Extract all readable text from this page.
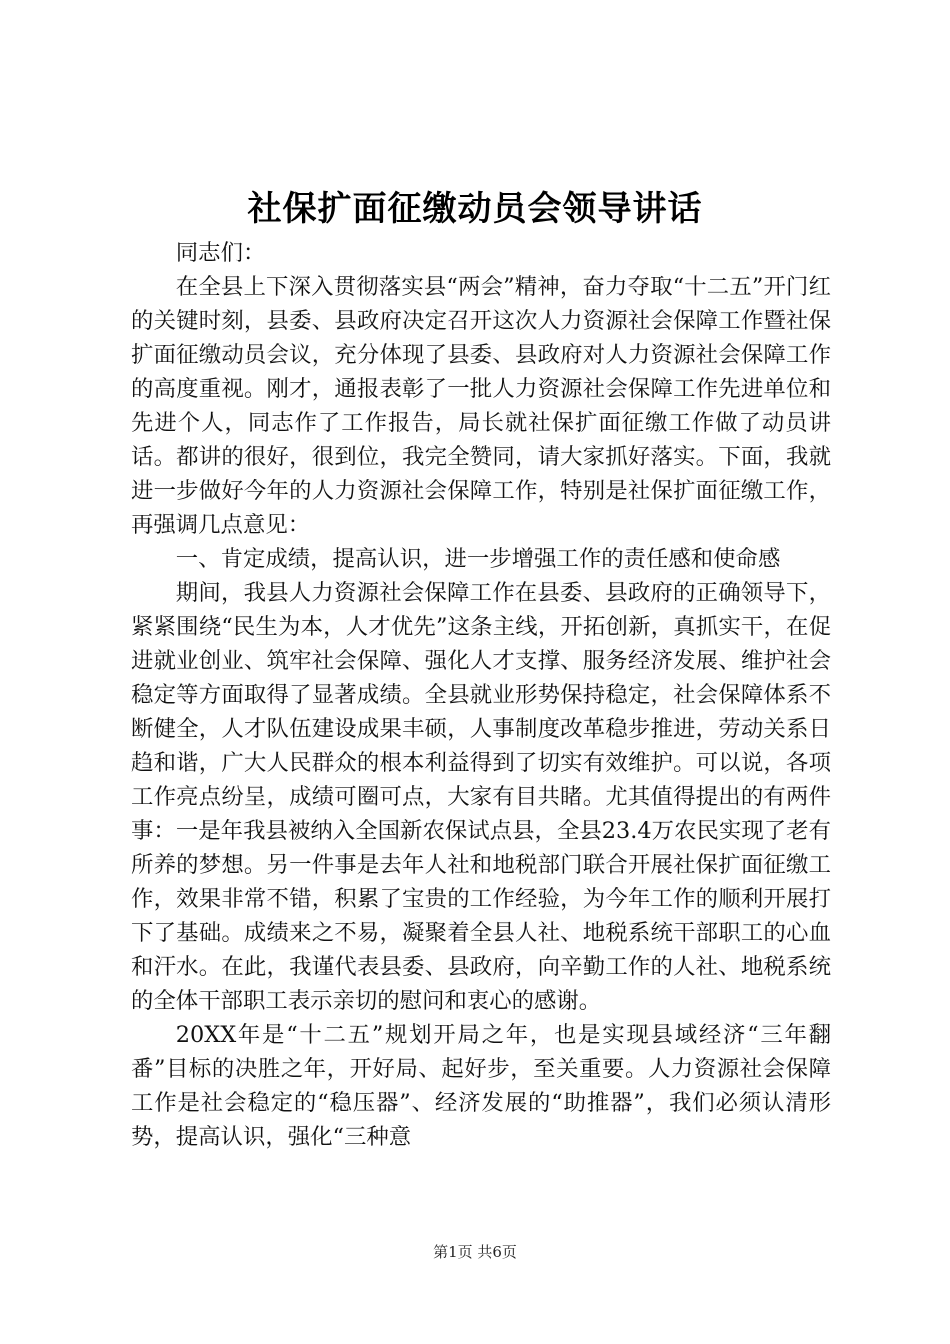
社保扩面征缴动员会领导讲话

同志们：

在全县上下深入贯彻落实县“两会”精神，奋力夺取“十二五”开门红的关键时刻，县委、县政府决定召开这次人力资源社会保障工作暨社保扩面征缴动员会议，充分体现了县委、县政府对人力资源社会保障工作的高度重视。刚才，通报表彰了一批人力资源社会保障工作先进单位和先进个人，同志作了工作报告，局长就社保扩面征缴工作做了动员讲话。都讲的很好，很到位，我完全赞同，请大家抓好落实。下面，我就进一步做好今年的人力资源社会保障工作，特别是社保扩面征缴工作，再强调几点意见：

一、肯定成绩，提高认识，进一步增强工作的责任感和使命感

期间，我县人力资源社会保障工作在县委、县政府的正确领导下，紧紧围绕“民生为本，人才优先”这条主线，开拓创新，真抓实干，在促进就业创业、筑牢社会保障、强化人才支撑、服务经济发展、维护社会稳定等方面取得了显著成绩。全县就业形势保持稳定，社会保障体系不断健全，人才队伍建设成果丰硕，人事制度改革稳步推进，劳动关系日趋和谐，广大人民群众的根本利益得到了切实有效维护。可以说，各项工作亮点纷呈，成绩可圈可点，大家有目共睹。尤其值得提出的有两件事：一是年我县被纳入全国新农保试点县，全县23.4万农民实现了老有所养的梦想。另一件事是去年人社和地税部门联合开展社保扩面征缴工作，效果非常不错，积累了宝贵的工作经验，为今年工作的顺利开展打下了基础。成绩来之不易，凝聚着全县人社、地税系统干部职工的心血和汗水。在此，我谨代表县委、县政府，向辛勤工作的人社、地税系统的全体干部职工表示亲切的慰问和衷心的感谢。

20XX年是“十二五”规划开局之年，也是实现县域经济“三年翻番”目标的决胜之年，开好局、起好步，至关重要。人力资源社会保障工作是社会稳定的“稳压器”、经济发展的“助推器”，我们必须认清形势，提高认识，强化“三种意

第1页 共6页
